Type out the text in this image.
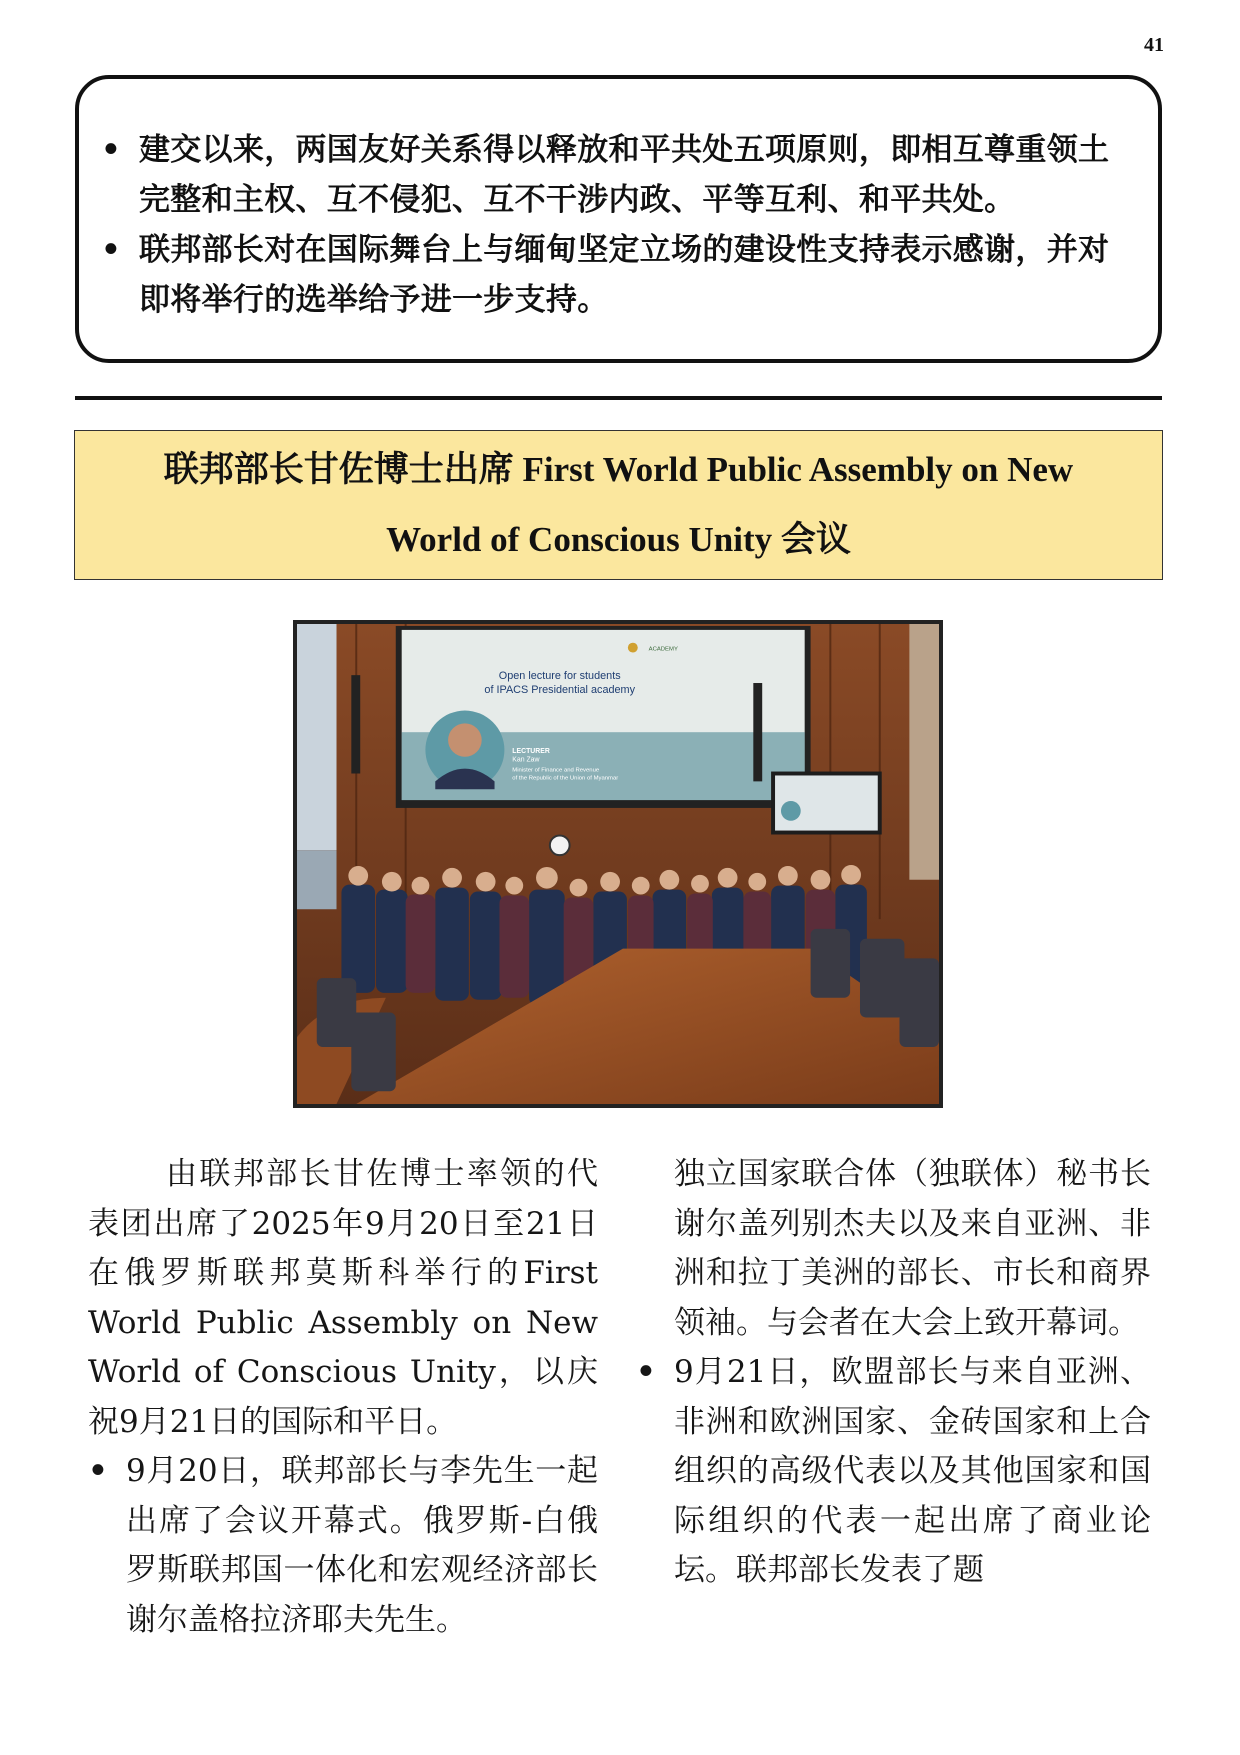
41
• 建交以来，两国友好关系得以释放和平共处五项原则，即相互尊重领土完整和主权、互不侵犯、互不干涉内政、平等互利、和平共处。
• 联邦部长对在国际舞台上与缅甸坚定立场的建设性支持表示感谢，并对即将举行的选举给予进一步支持。
联邦部长甘佐博士出席 First World Public Assembly on New
World of Conscious Unity 会议
Open lecture for students
of IPACS Presidential academy
ACADEMY
LECTURER
Kan Zaw
Minister of Finance and Revenue
of the Republic of the Union of Myanmar

由联邦部长甘佐博士率领的代表团出席了2025年9月20日至21日在俄罗斯联邦莫斯科举行的First World Public Assembly on New World of Conscious Unity，以庆祝9月21日的国际和平日。

• 9月20日，联邦部长与李先生一起出席了会议开幕式。俄罗斯-白俄罗斯联邦国一体化和宏观经济部长谢尔盖格拉济耶夫先生。

独立国家联合体（独联体）秘书长谢尔盖列别杰夫以及来自亚洲、非洲和拉丁美洲的部长、市长和商界领袖。与会者在大会上致开幕词。

• 9月21日，欧盟部长与来自亚洲、非洲和欧洲国家、金砖国家和上合组织的高级代表以及其他国家和国际组织的代表一起出席了商业论坛。联邦部长发表了题
